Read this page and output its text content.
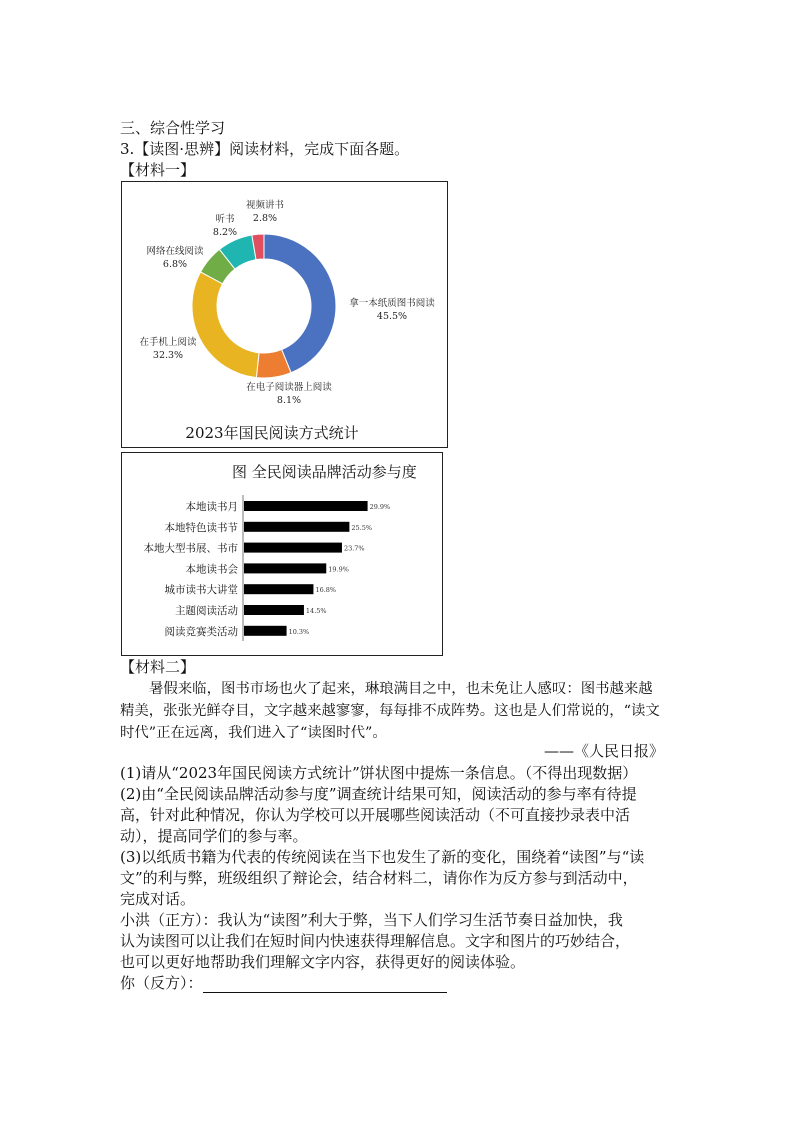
三、综合性学习
3.【读图·思辨】阅读材料，完成下面各题。
【材料一】
拿一本纸质图书阅读
45.5%
在电子阅读器上阅读
8.1%
在手机上阅读
32.3%
网络在线阅读
6.8%
听书
8.2%
视频讲书
2.8%
2023年国民阅读方式统计
图 全民阅读品牌活动参与度
本地读书月	29.9%
本地特色读书节	25.5%
本地大型书展、书市	23.7%
本地读书会	19.9%
城市读书大讲堂	16.8%
主题阅读活动	14.5%
阅读竞赛类活动	10.3%
【材料二】
暑假来临，图书市场也火了起来，琳琅满目之中，也未免让人感叹：图书越来越精美，张张光鲜夺目，文字越来越寥寥，每每排不成阵势。这也是人们常说的，“读文时代”正在远离，我们进入了“读图时代”。
——《人民日报》
(1)请从“2023年国民阅读方式统计”饼状图中提炼一条信息。（不得出现数据）
(2)由“全民阅读品牌活动参与度”调查统计结果可知，阅读活动的参与率有待提
高，针对此种情况，你认为学校可以开展哪些阅读活动（不可直接抄录表中活
动），提高同学们的参与率。
(3)以纸质书籍为代表的传统阅读在当下也发生了新的变化，围绕着“读图”与“读
文”的利与弊，班级组织了辩论会，结合材料二，请你作为反方参与到活动中，
完成对话。
小洪（正方）：我认为“读图”利大于弊，当下人们学习生活节奏日益加快，我
认为读图可以让我们在短时间内快速获得理解信息。文字和图片的巧妙结合，
也可以更好地帮助我们理解文字内容，获得更好的阅读体验。
你（反方）：
